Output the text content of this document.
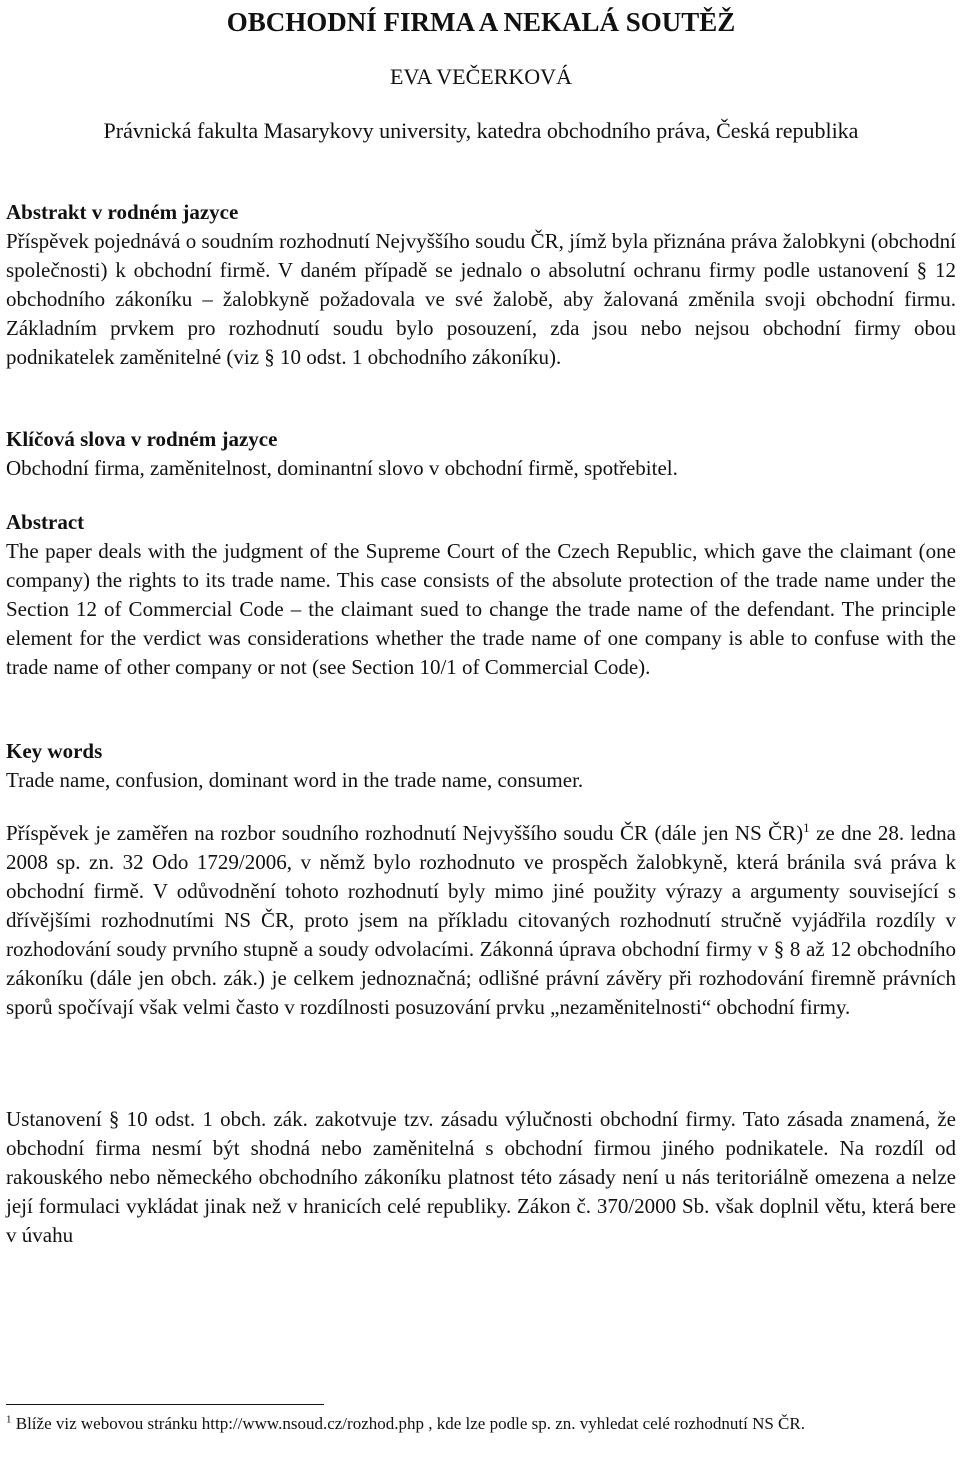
OBCHODNÍ FIRMA A NEKALÁ SOUTĚŽ
EVA VEČERKOVÁ
Právnická fakulta Masarykovy university, katedra obchodního práva, Česká republika
Abstrakt v rodném jazyce
Příspěvek pojednává o soudním rozhodnutí Nejvyššího soudu ČR, jímž byla přiznána práva žalobkyni (obchodní společnosti) k obchodní firmě. V daném případě se jednalo o absolutní ochranu firmy podle ustanovení § 12 obchodního zákoníku – žalobkyně požadovala ve své žalobě, aby žalovaná změnila svoji obchodní firmu. Základním prvkem pro rozhodnutí soudu bylo posouzení, zda jsou nebo nejsou obchodní firmy obou podnikatelek zaměnitelné (viz § 10 odst. 1 obchodního zákoníku).
Klíčová slova v rodném jazyce
Obchodní firma, zaměnitelnost, dominantní slovo v obchodní firmě, spotřebitel.
Abstract
The paper deals with the judgment of the Supreme Court of the Czech Republic, which gave the claimant (one company) the rights to its trade name. This case consists of the absolute protection of the trade name under the Section 12 of Commercial Code – the claimant sued to change the trade name of the defendant. The principle element for the verdict was considerations whether the trade name of one company is able to confuse with the trade name of other company or not (see Section 10/1 of Commercial Code).
Key words
Trade name, confusion, dominant word in the trade name, consumer.
Příspěvek je zaměřen na rozbor soudního rozhodnutí Nejvyššího soudu ČR (dále jen NS ČR)$^1$ ze dne 28. ledna 2008 sp. zn. 32 Odo 1729/2006, v němž bylo rozhodnuto ve prospěch žalobkyně, která bránila svá práva k obchodní firmě. V odůvodnění tohoto rozhodnutí byly mimo jiné použity výrazy a argumenty související s dřívějšími rozhodnutími NS ČR, proto jsem na příkladu citovaných rozhodnutí stručně vyjádřila rozdíly v rozhodování soudy prvního stupně a soudy odvolacími. Zákonná úprava obchodní firmy v § 8 až 12 obchodního zákoníku (dále jen obch. zák.) je celkem jednoznačná; odlišné právní závěry při rozhodování firemně právních sporů spočívají však velmi často v rozdílnosti posuzování prvku „nezaměnitelnosti“ obchodní firmy.
Ustanovení § 10 odst. 1 obch. zák. zakotvuje tzv. zásadu výlučnosti obchodní firmy. Tato zásada znamená, že obchodní firma nesmí být shodná nebo zaměnitelná s obchodní firmou jiného podnikatele. Na rozdíl od rakouského nebo německého obchodního zákoníku platnost této zásady není u nás teritoriálně omezena a nelze její formulaci vykládat jinak než v hranicích celé republiky. Zákon č. 370/2000 Sb. však doplnil větu, která bere v úvahu
$^1$ Blíže viz webovou stránku http://www.nsoud.cz/rozhod.php , kde lze podle sp. zn. vyhledat celé rozhodnutí NS ČR.
